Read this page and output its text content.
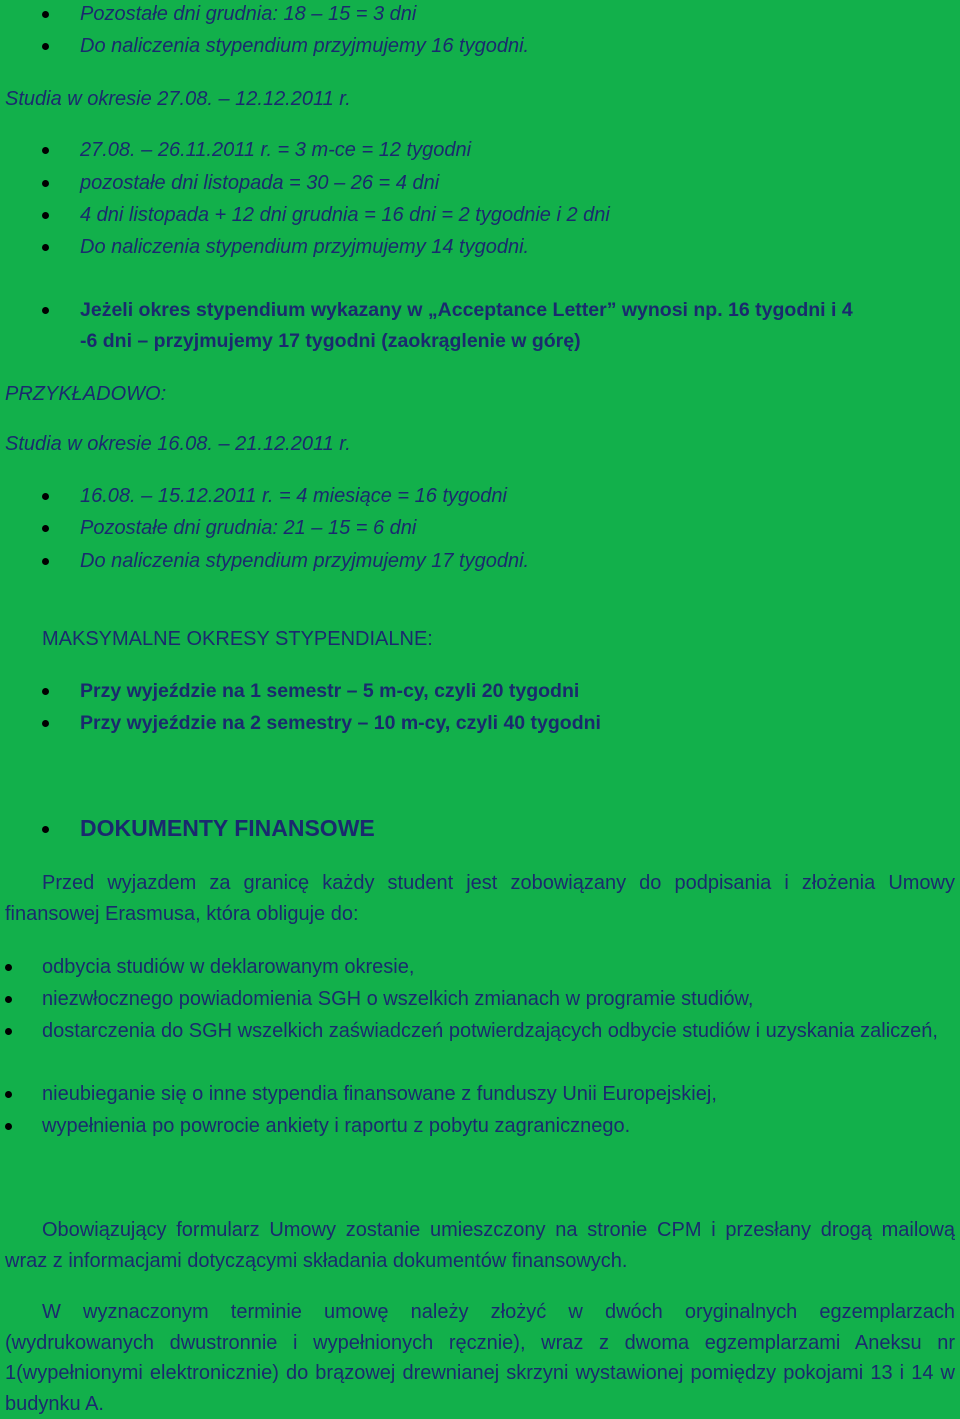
Pozostałe dni grudnia: 18 – 15 = 3 dni
Do naliczenia stypendium przyjmujemy 16 tygodni.
Studia w okresie 27.08. – 12.12.2011 r.
27.08. – 26.11.2011 r. = 3 m-ce = 12 tygodni
pozostałe dni listopada = 30 – 26 = 4 dni
4 dni listopada + 12 dni grudnia = 16 dni = 2 tygodnie i 2 dni
Do naliczenia stypendium przyjmujemy 14 tygodni.
Jeżeli okres stypendium wykazany w „Acceptance Letter” wynosi np. 16 tygodni i 4
-6 dni – przyjmujemy 17 tygodni (zaokrąglenie w górę)
PRZYKŁADOWO:
Studia w okresie 16.08. – 21.12.2011 r.
16.08. – 15.12.2011 r. = 4 miesiące = 16 tygodni
Pozostałe dni grudnia: 21 – 15 = 6 dni
Do naliczenia stypendium przyjmujemy 17 tygodni.
MAKSYMALNE OKRESY STYPENDIALNE:
Przy wyjeździe na 1 semestr – 5 m-cy, czyli 20 tygodni
Przy wyjeździe na 2 semestry – 10 m-cy, czyli 40 tygodni
DOKUMENTY FINANSOWE
Przed wyjazdem za granicę każdy student jest zobowiązany do podpisania i złożenia Umowy finansowej Erasmusa, która obliguje do:
odbycia studiów w deklarowanym okresie,
niezwłocznego powiadomienia SGH o wszelkich zmianach w programie studiów,
dostarczenia do SGH wszelkich zaświadczeń potwierdzających odbycie studiów i uzyskania zaliczeń,
nieubieganie się o inne stypendia finansowane z funduszy Unii Europejskiej,
wypełnienia po powrocie ankiety i raportu z pobytu zagranicznego.
Obowiązujący formularz Umowy zostanie umieszczony na stronie CPM i przesłany drogą mailową wraz z informacjami dotyczącymi składania dokumentów finansowych.
W wyznaczonym terminie umowę należy złożyć w dwóch oryginalnych egzemplarzach (wydrukowanych dwustronnie i wypełnionych ręcznie), wraz z dwoma egzemplarzami Aneksu nr 1(wypełnionymi elektronicznie) do brązowej drewnianej skrzyni wystawionej pomiędzy pokojami 13 i 14 w budynku A.
